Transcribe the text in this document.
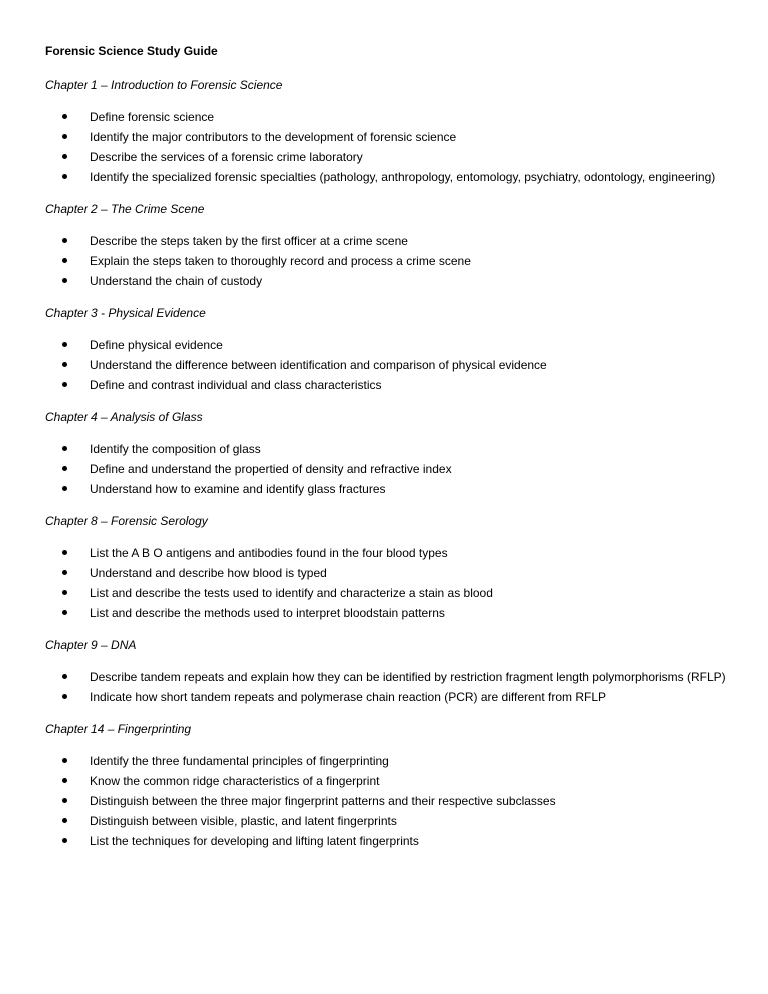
Forensic Science Study Guide
Chapter 1 – Introduction to Forensic Science
Define forensic science
Identify the major contributors to the development of forensic science
Describe the services of a forensic crime laboratory
Identify the specialized forensic specialties (pathology, anthropology, entomology, psychiatry, odontology, engineering)
Chapter 2 – The Crime Scene
Describe the steps taken by the first officer at a crime scene
Explain the steps taken to thoroughly record and process a crime scene
Understand the chain of custody
Chapter 3 - Physical Evidence
Define physical evidence
Understand the difference between identification and comparison of physical evidence
Define and contrast individual and class characteristics
Chapter 4 – Analysis of Glass
Identify the composition of glass
Define and understand the propertied of density and refractive index
Understand how to examine and identify glass fractures
Chapter 8 – Forensic Serology
List the A B O antigens and antibodies found in the four blood types
Understand and describe how blood is typed
List and describe the tests used to identify and characterize a stain as blood
List and describe the methods used to interpret bloodstain patterns
Chapter 9 – DNA
Describe tandem repeats and explain how they can be identified by restriction fragment length polymorphorisms (RFLP)
Indicate how short tandem repeats and polymerase chain reaction (PCR) are different from RFLP
Chapter 14 – Fingerprinting
Identify the three fundamental principles of fingerprinting
Know the common ridge characteristics of a fingerprint
Distinguish between the three major fingerprint patterns and their respective subclasses
Distinguish between visible, plastic, and latent fingerprints
List the techniques for developing and lifting latent fingerprints
